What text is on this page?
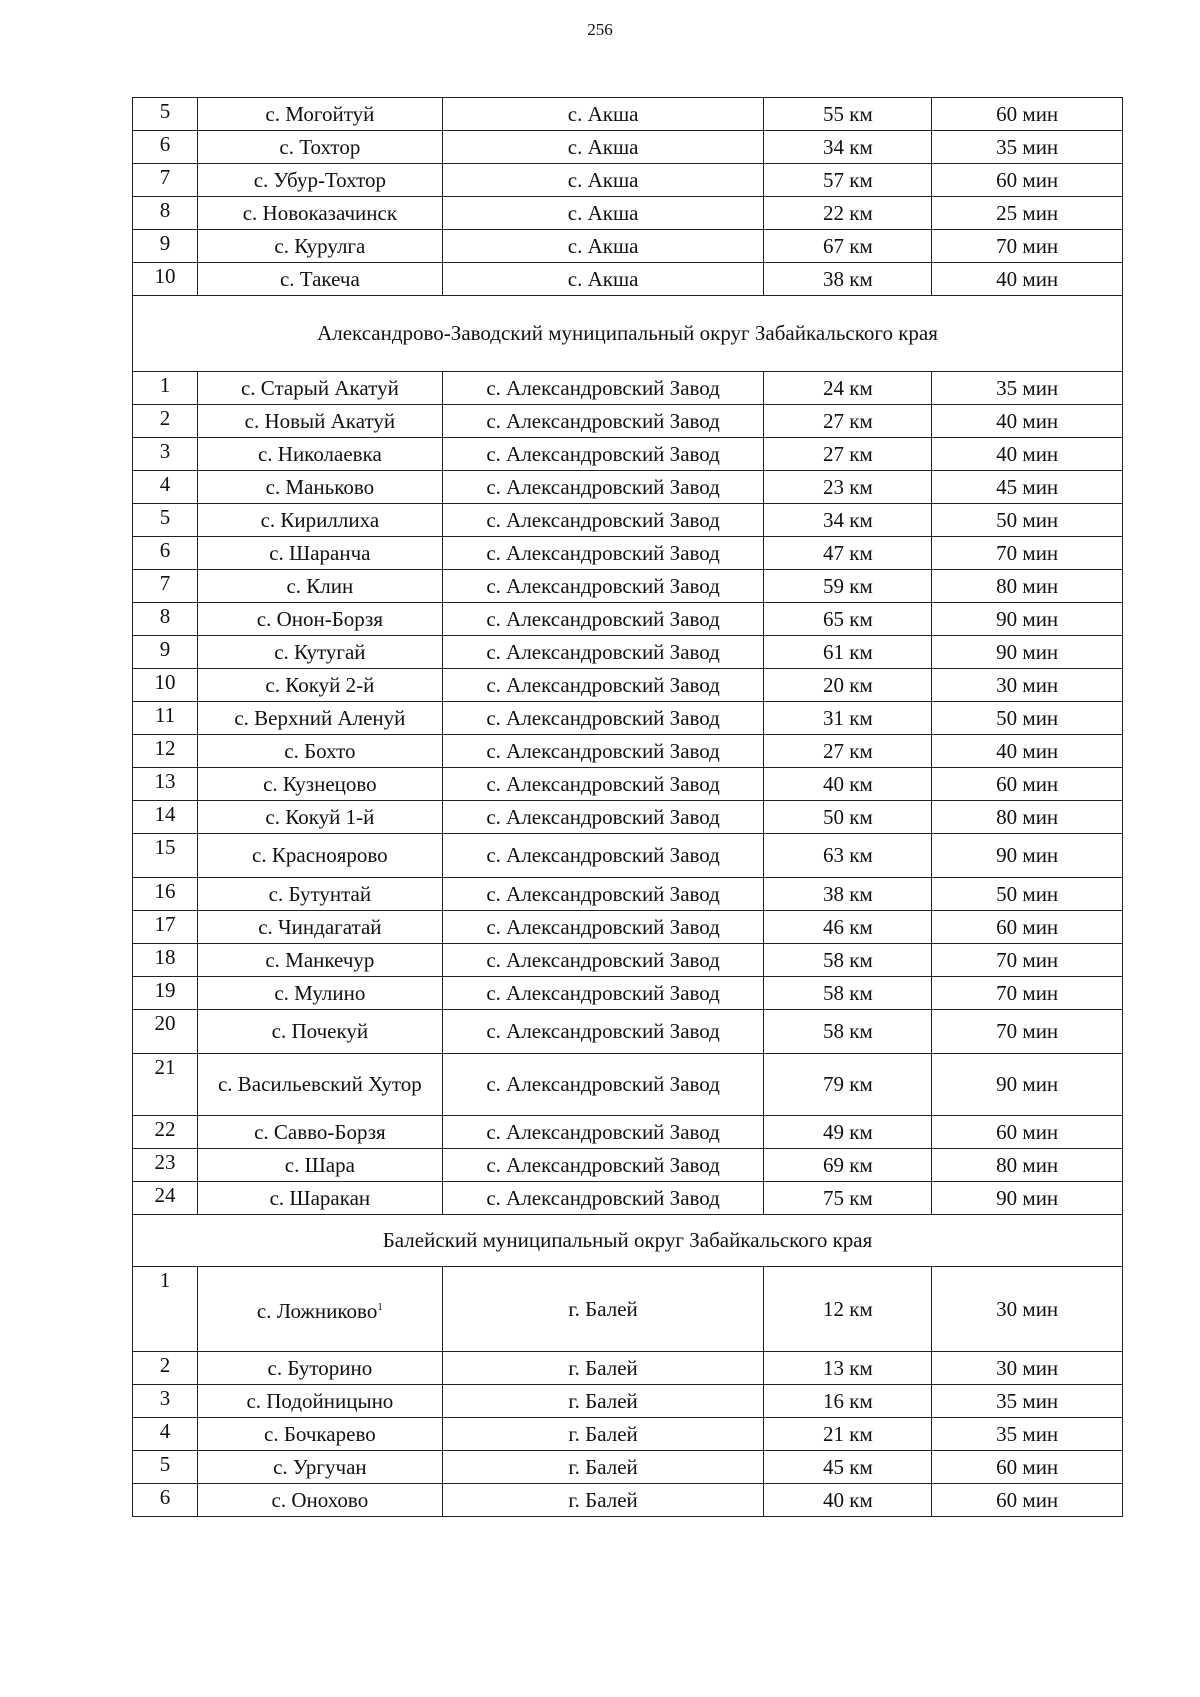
256
5	с. Могойтуй	с. Акша	55 км	60 мин
6	с. Тохтор	с. Акша	34 км	35 мин
7	с. Убур-Тохтор	с. Акша	57 км	60 мин
8	с. Новоказачинск	с. Акша	22 км	25 мин
9	с. Курулга	с. Акша	67 км	70 мин
10	с. Такеча	с. Акша	38 км	40 мин
Александрово-Заводский муниципальный округ Забайкальского края				
1	с. Старый Акатуй	с. Александровский Завод	24 км	35 мин
2	с. Новый Акатуй	с. Александровский Завод	27 км	40 мин
3	с. Николаевка	с. Александровский Завод	27 км	40 мин
4	с. Маньково	с. Александровский Завод	23 км	45 мин
5	с. Кириллиха	с. Александровский Завод	34 км	50 мин
6	с. Шаранча	с. Александровский Завод	47 км	70 мин
7	с. Клин	с. Александровский Завод	59 км	80 мин
8	с. Онон-Борзя	с. Александровский Завод	65 км	90 мин
9	с. Кутугай	с. Александровский Завод	61 км	90 мин
10	с. Кокуй 2-й	с. Александровский Завод	20 км	30 мин
11	с. Верхний Аленуй	с. Александровский Завод	31 км	50 мин
12	с. Бохто	с. Александровский Завод	27 км	40 мин
13	с. Кузнецово	с. Александровский Завод	40 км	60 мин
14	с. Кокуй 1-й	с. Александровский Завод	50 км	80 мин
15	с. Краснoярово	с. Александровский Завод	63 км	90 мин
16	с. Бутунтай	с. Александровский Завод	38 км	50 мин
17	с. Чиндагатай	с. Александровский Завод	46 км	60 мин
18	с. Манкечур	с. Александровский Завод	58 км	70 мин
19	с. Мулино	с. Александровский Завод	58 км	70 мин
20	с. Почекуй	с. Александровский Завод	58 км	70 мин
21	с. Васильевский Хутор	с. Александровский Завод	79 км	90 мин
22	с. Савво-Борзя	с. Александровский Завод	49 км	60 мин
23	с. Шара	с. Александровский Завод	69 км	80 мин
24	с. Шаракан	с. Александровский Завод	75 км	90 мин
Балейский муниципальный округ Забайкальского края				
1	с. Ложниково$^1$	г. Балей	12 км	30 мин
2	с. Буторино	г. Балей	13 км	30 мин
3	с. Подойницыно	г. Балей	16 км	35 мин
4	с. Бочкарево	г. Балей	21 км	35 мин
5	с. Ургучан	г. Балей	45 км	60 мин
6	с. Онохово	г. Балей	40 км	60 мин
